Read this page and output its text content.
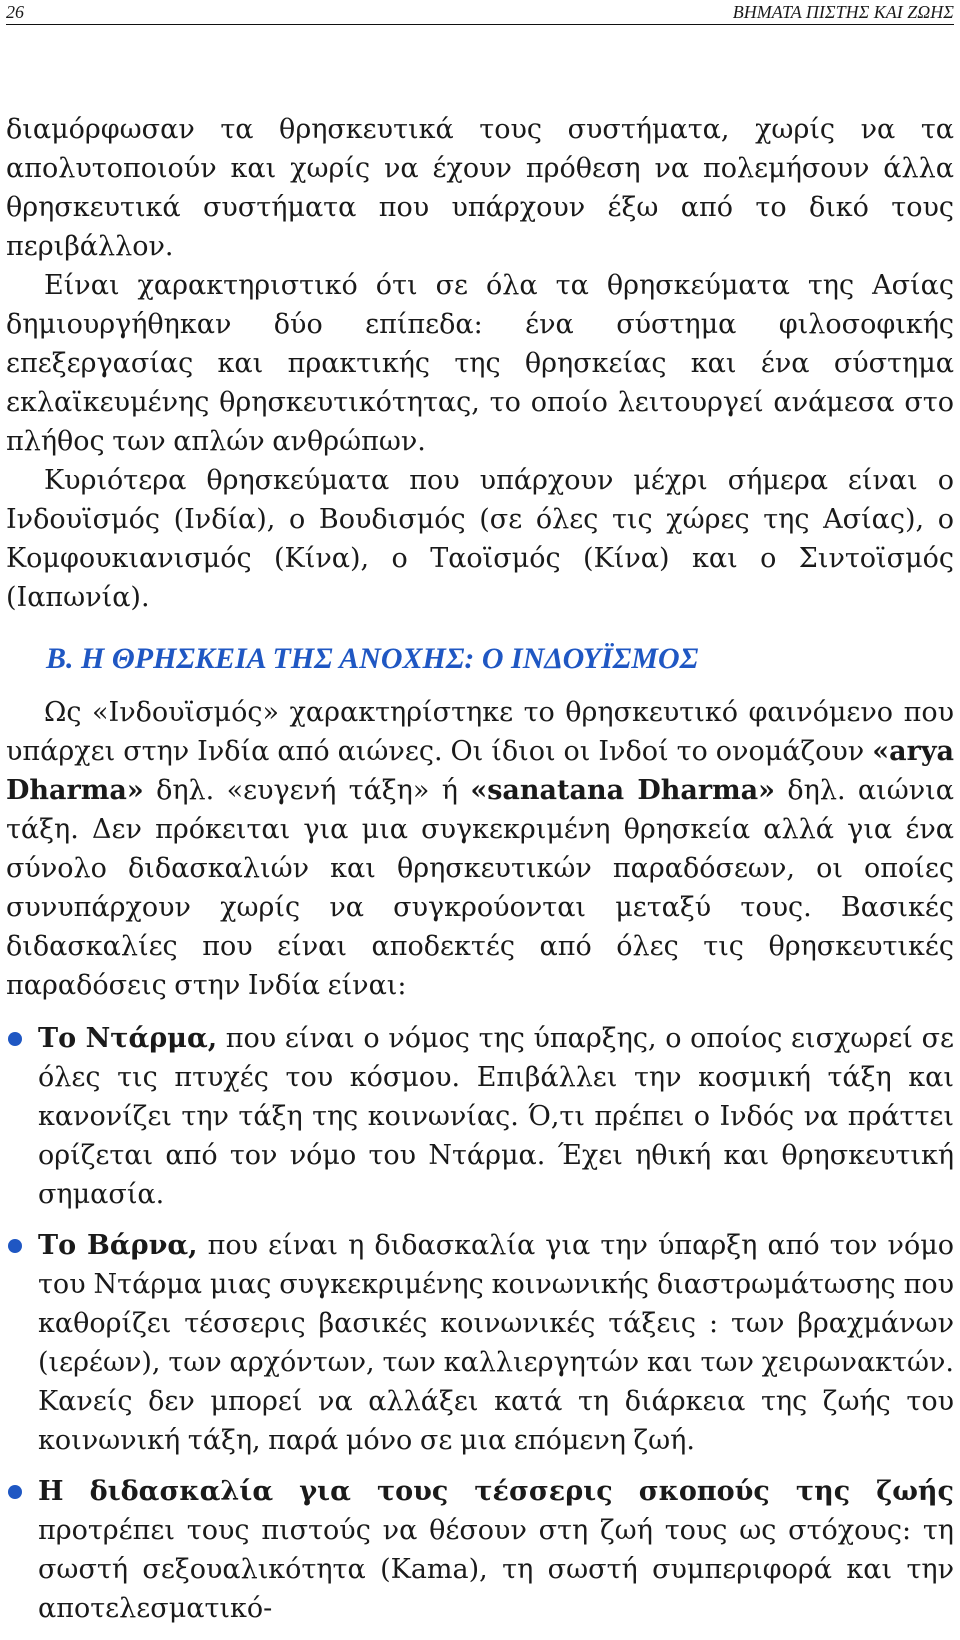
26	ΒΗΜΑΤΑ ΠΙΣΤΗΣ ΚΑΙ ΖΩΗΣ

διαμόρφωσαν τα θρησκευτικά τους συστήματα, χωρίς να τα απολυτοποιούν και χωρίς να έχουν πρόθεση να πολεμήσουν άλλα θρησκευτικά συστήματα που υπάρχουν έξω από το δικό τους περιβάλλον.

Είναι χαρακτηριστικό ότι σε όλα τα θρησκεύματα της Ασίας δημιουργήθηκαν δύο επίπεδα: ένα σύστημα φιλοσοφικής επεξεργασίας και πρακτικής της θρησκείας και ένα σύστημα εκλαϊκευμένης θρησκευτικότητας, το οποίο λειτουργεί ανάμεσα στο πλήθος των απλών ανθρώπων.

Κυριότερα θρησκεύματα που υπάρχουν μέχρι σήμερα είναι ο Ινδουϊσμός (Ινδία), ο Βουδισμός (σε όλες τις χώρες της Ασίας), ο Κομφουκιανισμός (Κίνα), ο Ταοϊσμός (Κίνα) και ο Σιντοϊσμός (Ιαπωνία).

Β. Η ΘΡΗΣΚΕΙΑ ΤΗΣ ΑΝΟΧΗΣ: Ο ΙΝΔΟΥΪΣΜΟΣ

Ως «Ινδουϊσμός» χαρακτηρίστηκε το θρησκευτικό φαινόμενο που υπάρχει στην Ινδία από αιώνες. Οι ίδιοι οι Ινδοί το ονομάζουν «arya Dharma» δηλ. «ευγενή τάξη» ή «sanatana Dharma» δηλ. αιώνια τάξη. Δεν πρόκειται για μια συγκεκριμένη θρησκεία αλλά για ένα σύνολο διδασκαλιών και θρησκευτικών παραδόσεων, οι οποίες συνυπάρχουν χωρίς να συγκρούονται μεταξύ τους. Βασικές διδασκαλίες που είναι αποδεκτές από όλες τις θρησκευτικές παραδόσεις στην Ινδία είναι:

Το Ντάρμα, που είναι ο νόμος της ύπαρξης, ο οποίος εισχωρεί σε όλες τις πτυχές του κόσμου. Επιβάλλει την κοσμική τάξη και κανονίζει την τάξη της κοινωνίας. Ό,τι πρέπει ο Ινδός να πράττει ορίζεται από τον νόμο του Ντάρμα. Έχει ηθική και θρησκευτική σημασία.

Το Βάρνα, που είναι η διδασκαλία για την ύπαρξη από τον νόμο του Ντάρμα μιας συγκεκριμένης κοινωνικής διαστρωμάτωσης που καθορίζει τέσσερις βασικές κοινωνικές τάξεις : των βραχμάνων (ιερέων), των αρχόντων, των καλλιεργητών και των χειρωνακτών. Κανείς δεν μπορεί να αλλάξει κατά τη διάρκεια της ζωής του κοινωνική τάξη, παρά μόνο σε μια επόμενη ζωή.

Η διδασκαλία για τους τέσσερις σκοπούς της ζωής προτρέπει τους πιστούς να θέσουν στη ζωή τους ως στόχους: τη σωστή σεξουαλικότητα (Kama), τη σωστή συμπεριφορά και την αποτελεσματικό-
